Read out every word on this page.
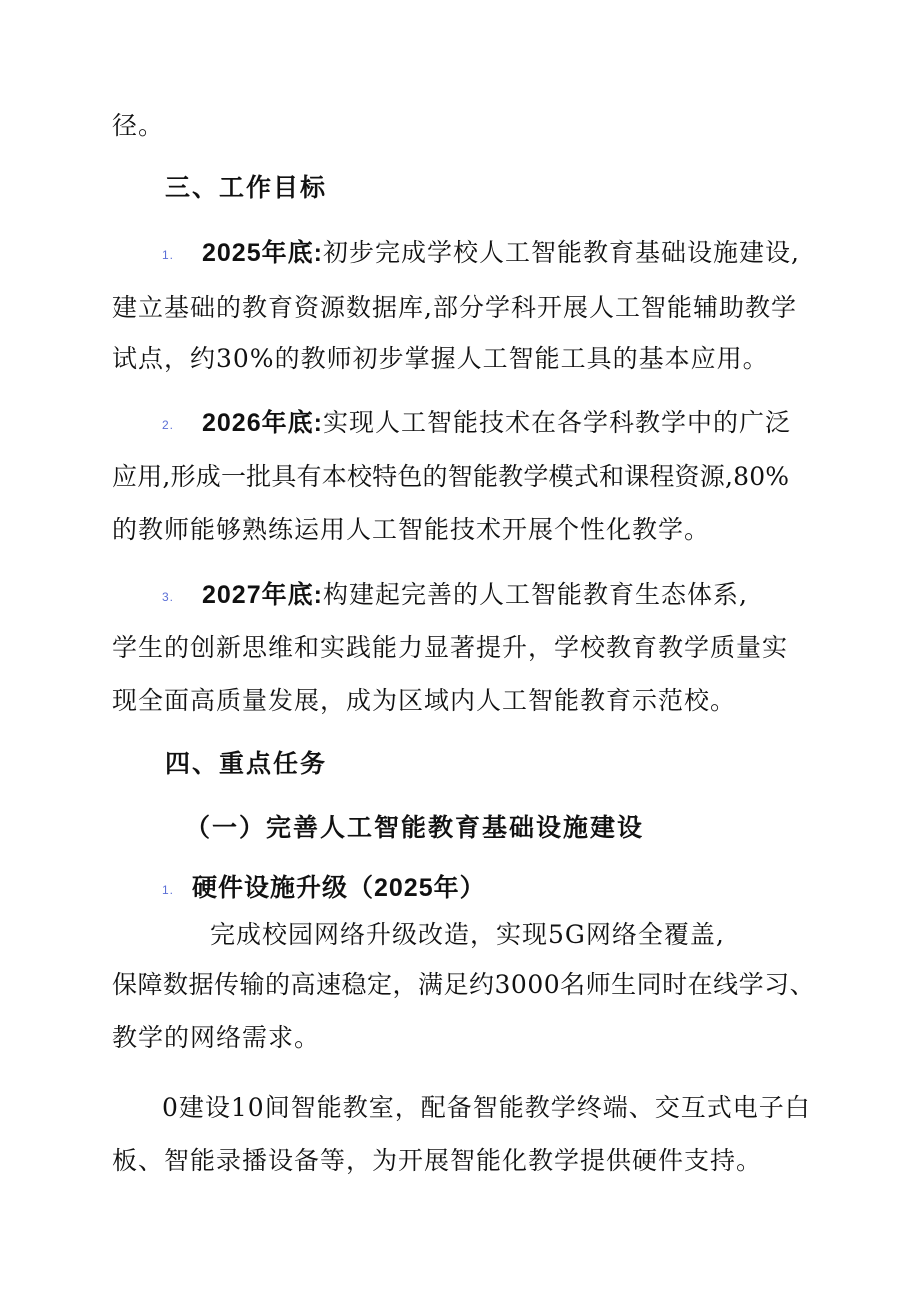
径。
三、工作目标
1. 2025年底:初步完成学校人工智能教育基础设施建设,
建立基础的教育资源数据库,部分学科开展人工智能辅助教学
试点，约30%的教师初步掌握人工智能工具的基本应用。
2. 2026年底:实现人工智能技术在各学科教学中的广泛
应用,形成一批具有本校特色的智能教学模式和课程资源,80%
的教师能够熟练运用人工智能技术开展个性化教学。
3. 2027年底:构建起完善的人工智能教育生态体系,
学生的创新思维和实践能力显著提升，学校教育教学质量实
现全面高质量发展，成为区域内人工智能教育示范校。
四、重点任务
（一）完善人工智能教育基础设施建设
1. 硬件设施升级（2025年）
完成校园网络升级改造，实现5G网络全覆盖,
保障数据传输的高速稳定，满足约3000名师生同时在线学习、
教学的网络需求。
0建设10间智能教室，配备智能教学终端、交互式电子白
板、智能录播设备等，为开展智能化教学提供硬件支持。
